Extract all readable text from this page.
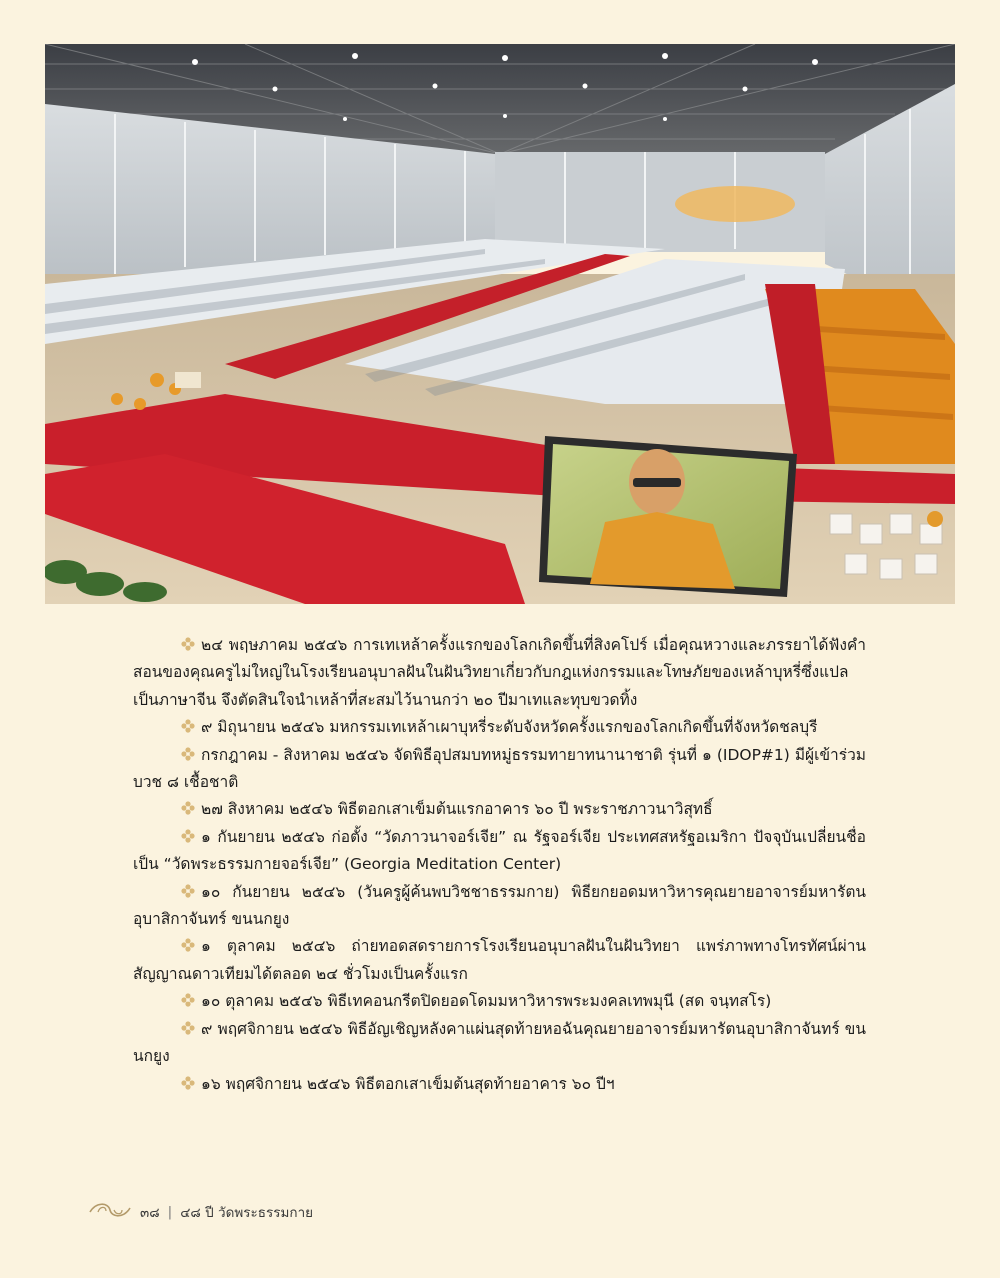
๒๔ พฤษภาคม ๒๕๔๖ การเทเหล้าครั้งแรกของโลกเกิดขึ้นที่สิงคโปร์ เมื่อคุณหวางและภรรยาได้ฟังคำสอนของคุณครูไม่ใหญ่ในโรงเรียนอนุบาลฝันในฝันวิทยาเกี่ยวกับกฎแห่งกรรมและโทษภัยของเหล้าบุหรี่ซึ่งแปลเป็นภาษาจีน จึงตัดสินใจนำเหล้าที่สะสมไว้นานกว่า ๒๐ ปีมาเทและทุบขวดทิ้ง

๙ มิถุนายน ๒๕๔๖ มหกรรมเทเหล้าเผาบุหรี่ระดับจังหวัดครั้งแรกของโลกเกิดขึ้นที่จังหวัดชลบุรี

กรกฎาคม - สิงหาคม ๒๕๔๖ จัดพิธีอุปสมบทหมู่ธรรมทายาทนานาชาติ รุ่นที่ ๑ (IDOP#1) มีผู้เข้าร่วมบวช ๘ เชื้อชาติ

๒๗ สิงหาคม ๒๕๔๖ พิธีตอกเสาเข็มต้นแรกอาคาร ๖๐ ปี พระราชภาวนาวิสุทธิ์

๑ กันยายน ๒๕๔๖ ก่อตั้ง “วัดภาวนาจอร์เจีย” ณ รัฐจอร์เจีย ประเทศสหรัฐอเมริกา ปัจจุบันเปลี่ยนชื่อเป็น “วัดพระธรรมกายจอร์เจีย” (Georgia Meditation Center)

๑๐ กันยายน ๒๕๔๖ (วันครูผู้ค้นพบวิชชาธรรมกาย) พิธียกยอดมหาวิหารคุณยายอาจารย์มหารัตนอุบาสิกาจันทร์ ขนนกยูง

๑ ตุลาคม ๒๕๔๖ ถ่ายทอดสดรายการโรงเรียนอนุบาลฝันในฝันวิทยา แพร่ภาพทางโทรทัศน์ผ่านสัญญาณดาวเทียมได้ตลอด ๒๔ ชั่วโมงเป็นครั้งแรก

๑๐ ตุลาคม ๒๕๔๖ พิธีเทคอนกรีตปิดยอดโดมมหาวิหารพระมงคลเทพมุนี (สด จนฺทสโร)

๙ พฤศจิกายน ๒๕๔๖ พิธีอัญเชิญหลังคาแผ่นสุดท้ายหอฉันคุณยายอาจารย์มหารัตนอุบาสิกาจันทร์ ขนนกยูง

๑๖ พฤศจิกายน ๒๕๔๖ พิธีตอกเสาเข็มต้นสุดท้ายอาคาร ๖๐ ปีฯ

๓๘ | ๔๘ ปี วัดพระธรรมกาย
